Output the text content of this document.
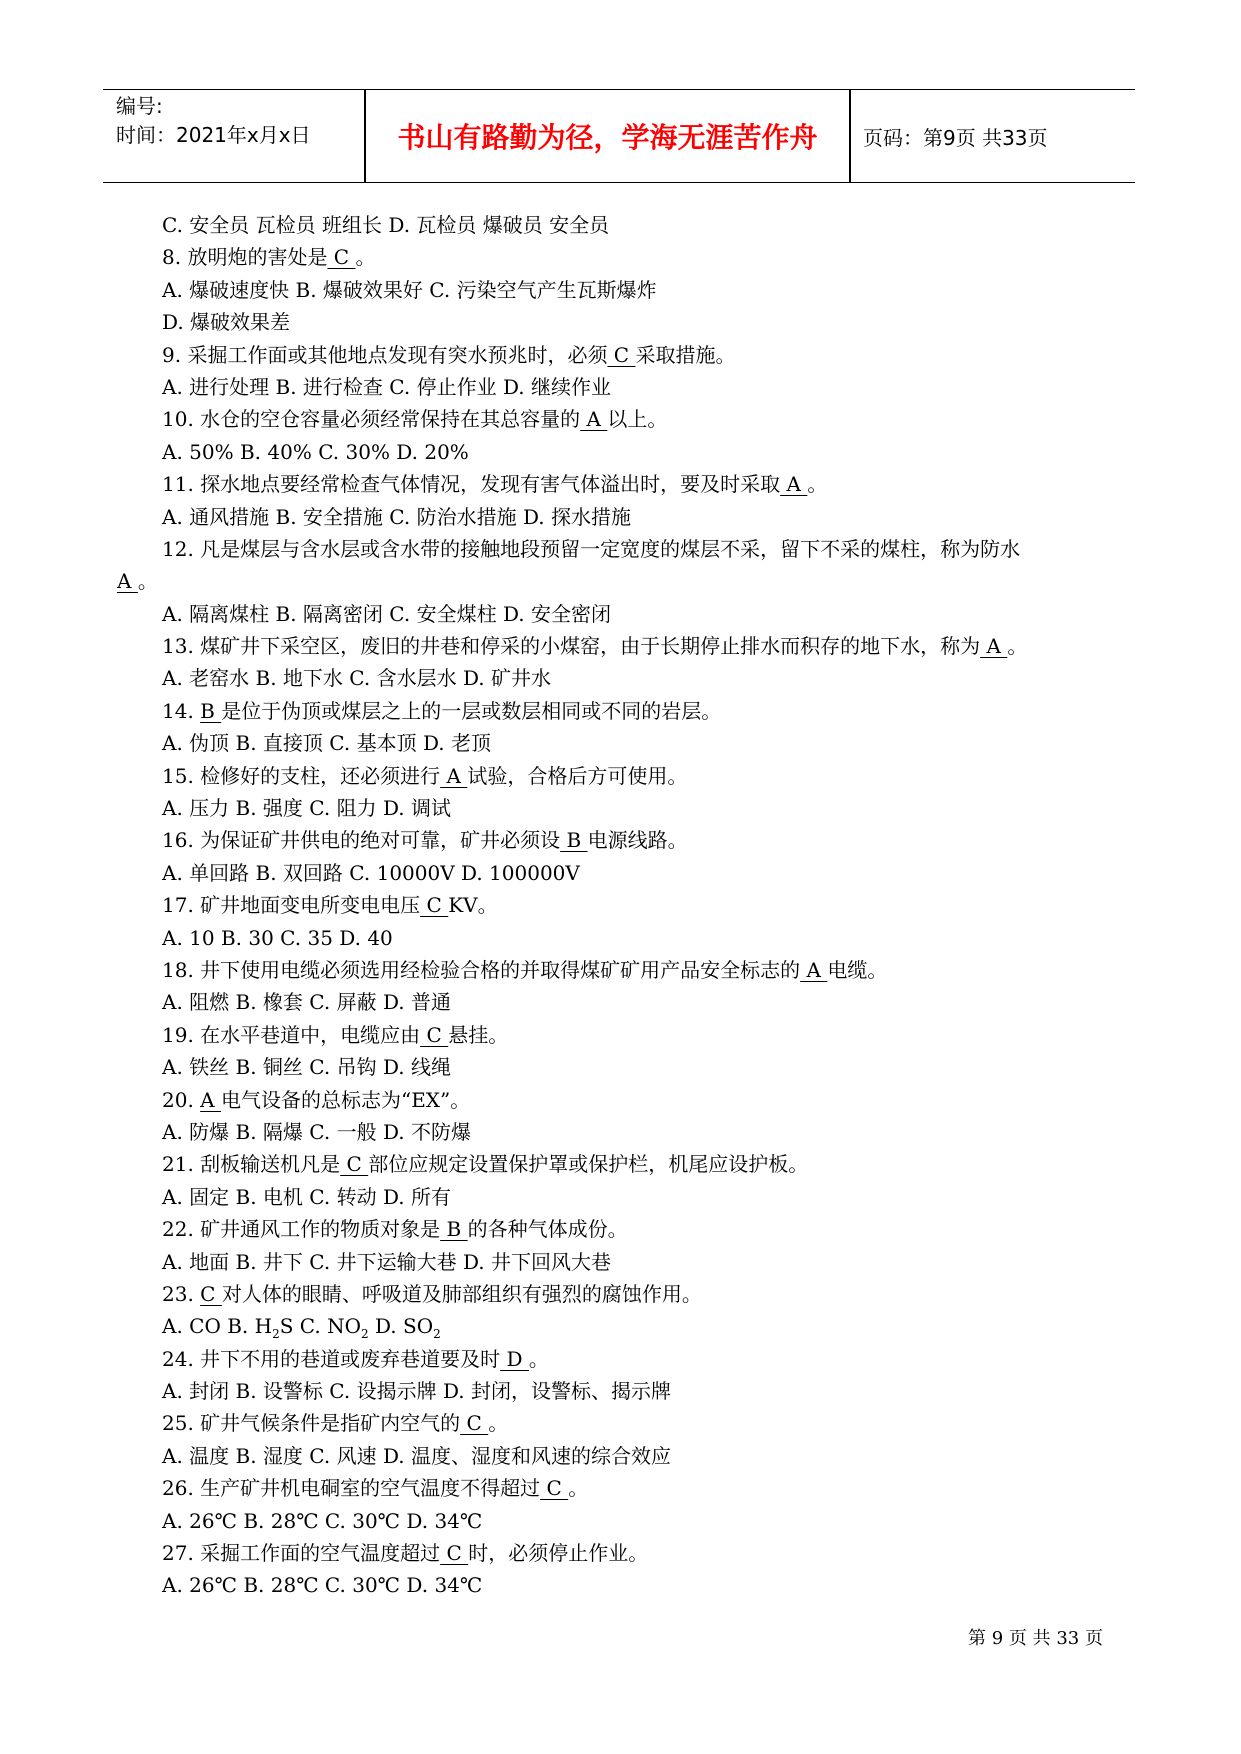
编号:
时间：2021年x月x日	书山有路勤为径，学海无涯苦作舟	页码：第9页 共33页
C. 安全员 瓦检员 班组长 D. 瓦检员 爆破员 安全员
8. 放明炮的害处是 C 。
A. 爆破速度快 B. 爆破效果好 C. 污染空气产生瓦斯爆炸
D. 爆破效果差
9. 采掘工作面或其他地点发现有突水预兆时，必须 C 采取措施。
A. 进行处理 B. 进行检查 C. 停止作业 D. 继续作业
10. 水仓的空仓容量必须经常保持在其总容量的 A 以上。
A. 50% B. 40% C. 30% D. 20%
11. 探水地点要经常检查气体情况，发现有害气体溢出时，要及时采取 A 。
A. 通风措施 B. 安全措施 C. 防治水措施 D. 探水措施
12. 凡是煤层与含水层或含水带的接触地段预留一定宽度的煤层不采，留下不采的煤柱，称为防水
A 。
A. 隔离煤柱 B. 隔离密闭 C. 安全煤柱 D. 安全密闭
13. 煤矿井下采空区，废旧的井巷和停采的小煤窑，由于长期停止排水而积存的地下水，称为 A 。
A. 老窑水 B. 地下水 C. 含水层水 D. 矿井水
14. B 是位于伪顶或煤层之上的一层或数层相同或不同的岩层。
A. 伪顶 B. 直接顶 C. 基本顶 D. 老顶
15. 检修好的支柱，还必须进行 A 试验，合格后方可使用。
A. 压力 B. 强度 C. 阻力 D. 调试
16. 为保证矿井供电的绝对可靠，矿井必须设 B 电源线路。
A. 单回路 B. 双回路 C. 10000V D. 100000V
17. 矿井地面变电所变电电压 C KV。
A. 10 B. 30 C. 35 D. 40
18. 井下使用电缆必须选用经检验合格的并取得煤矿矿用产品安全标志的 A 电缆。
A. 阻燃 B. 橡套 C. 屏蔽 D. 普通
19. 在水平巷道中，电缆应由 C 悬挂。
A. 铁丝 B. 铜丝 C. 吊钩 D. 线绳
20. A 电气设备的总标志为“EX”。
A. 防爆 B. 隔爆 C. 一般 D. 不防爆
21. 刮板输送机凡是 C 部位应规定设置保护罩或保护栏，机尾应设护板。
A. 固定 B. 电机 C. 转动 D. 所有
22. 矿井通风工作的物质对象是 B 的各种气体成份。
A. 地面 B. 井下 C. 井下运输大巷 D. 井下回风大巷
23. C 对人体的眼睛、呼吸道及肺部组织有强烈的腐蚀作用。
A. CO B. $H_2S$ C. $NO_2$ D. $SO_2$
24. 井下不用的巷道或废弃巷道要及时 D 。
A. 封闭 B. 设警标 C. 设揭示牌 D. 封闭，设警标、揭示牌
25. 矿井气候条件是指矿内空气的 C 。
A. 温度 B. 湿度 C. 风速 D. 温度、湿度和风速的综合效应
26. 生产矿井机电硐室的空气温度不得超过 C 。
A. 26℃ B. 28℃ C. 30℃ D. 34℃
27. 采掘工作面的空气温度超过 C 时，必须停止作业。
A. 26℃ B. 28℃ C. 30℃ D. 34℃
第 9 页 共 33 页
